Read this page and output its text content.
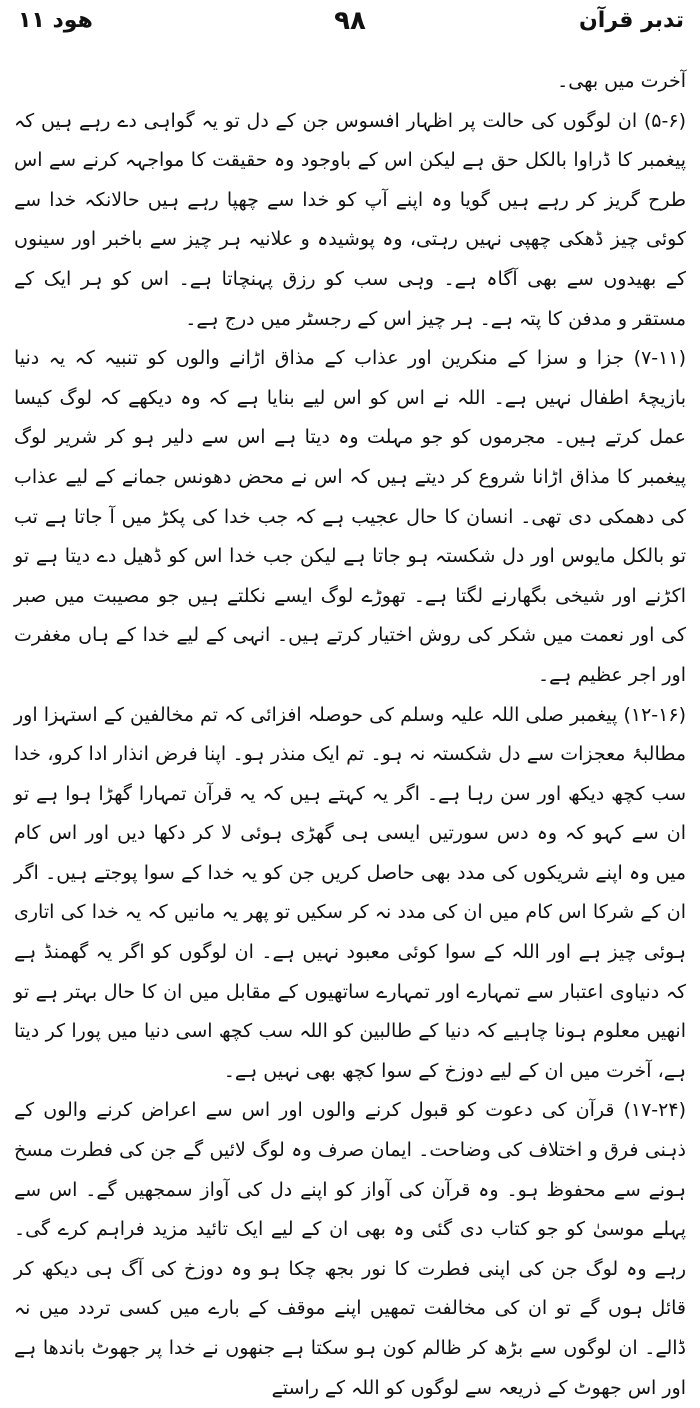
تدبر قرآن
۹۸
ھود ۱۱

آخرت میں بھی۔

(۵-۶) ان لوگوں کی حالت پر اظہار افسوس جن کے دل تو یہ گواہی دے رہے ہیں کہ پیغمبر کا ڈراوا بالکل حق ہے لیکن اس کے باوجود وہ حقیقت کا مواجہہ کرنے سے اس طرح گریز کر رہے ہیں گویا وہ اپنے آپ کو خدا سے چھپا رہے ہیں حالانکہ خدا سے کوئی چیز ڈھکی چھپی نہیں رہتی، وہ پوشیدہ و علانیہ ہر چیز سے باخبر اور سینوں کے بھیدوں سے بھی آگاہ ہے۔ وہی سب کو رزق پہنچاتا ہے۔ اس کو ہر ایک کے مستقر و مدفن کا پتہ ہے۔ ہر چیز اس کے رجسٹر میں درج ہے۔

(۷-۱۱) جزا و سزا کے منکرین اور عذاب کے مذاق اڑانے والوں کو تنبیہ کہ یہ دنیا بازیچۂ اطفال نہیں ہے۔ اللہ نے اس کو اس لیے بنایا ہے کہ وہ دیکھے کہ لوگ کیسا عمل کرتے ہیں۔ مجرموں کو جو مہلت وہ دیتا ہے اس سے دلیر ہو کر شریر لوگ پیغمبر کا مذاق اڑانا شروع کر دیتے ہیں کہ اس نے محض دھونس جمانے کے لیے عذاب کی دھمکی دی تھی۔ انسان کا حال عجیب ہے کہ جب خدا کی پکڑ میں آ جاتا ہے تب تو بالکل مایوس اور دل شکستہ ہو جاتا ہے لیکن جب خدا اس کو ڈھیل دے دیتا ہے تو اکڑنے اور شیخی بگھارنے لگتا ہے۔ تھوڑے لوگ ایسے نکلتے ہیں جو مصیبت میں صبر کی اور نعمت میں شکر کی روش اختیار کرتے ہیں۔ انہی کے لیے خدا کے ہاں مغفرت اور اجر عظیم ہے۔

(۱۲-۱۶) پیغمبر صلی اللہ علیہ وسلم کی حوصلہ افزائی کہ تم مخالفین کے استہزا اور مطالبۂ معجزات سے دل شکستہ نہ ہو۔ تم ایک منذر ہو۔ اپنا فرض انذار ادا کرو، خدا سب کچھ دیکھ اور سن رہا ہے۔ اگر یہ کہتے ہیں کہ یہ قرآن تمہارا گھڑا ہوا ہے تو ان سے کہو کہ وہ دس سورتیں ایسی ہی گھڑی ہوئی لا کر دکھا دیں اور اس کام میں وہ اپنے شریکوں کی مدد بھی حاصل کریں جن کو یہ خدا کے سوا پوجتے ہیں۔ اگر ان کے شرکا اس کام میں ان کی مدد نہ کر سکیں تو پھر یہ مانیں کہ یہ خدا کی اتاری ہوئی چیز ہے اور اللہ کے سوا کوئی معبود نہیں ہے۔ ان لوگوں کو اگر یہ گھمنڈ ہے کہ دنیاوی اعتبار سے تمہارے اور تمہارے ساتھیوں کے مقابل میں ان کا حال بہتر ہے تو انھیں معلوم ہونا چاہیے کہ دنیا کے طالبین کو اللہ سب کچھ اسی دنیا میں پورا کر دیتا ہے، آخرت میں ان کے لیے دوزخ کے سوا کچھ بھی نہیں ہے۔

(۱۷-۲۴) قرآن کی دعوت کو قبول کرنے والوں اور اس سے اعراض کرنے والوں کے ذہنی فرق و اختلاف کی وضاحت۔ ایمان صرف وہ لوگ لائیں گے جن کی فطرت مسخ ہونے سے محفوظ ہو۔ وہ قرآن کی آواز کو اپنے دل کی آواز سمجھیں گے۔ اس سے پہلے موسیٰ کو جو کتاب دی گئی وہ بھی ان کے لیے ایک تائید مزید فراہم کرے گی۔ رہے وہ لوگ جن کی اپنی فطرت کا نور بجھ چکا ہو وہ دوزخ کی آگ ہی دیکھ کر قائل ہوں گے تو ان کی مخالفت تمھیں اپنے موقف کے بارے میں کسی تردد میں نہ ڈالے۔ ان لوگوں سے بڑھ کر ظالم کون ہو سکتا ہے جنھوں نے خدا پر جھوٹ باندھا ہے اور اس جھوٹ کے ذریعہ سے لوگوں کو اللہ کے راستے
